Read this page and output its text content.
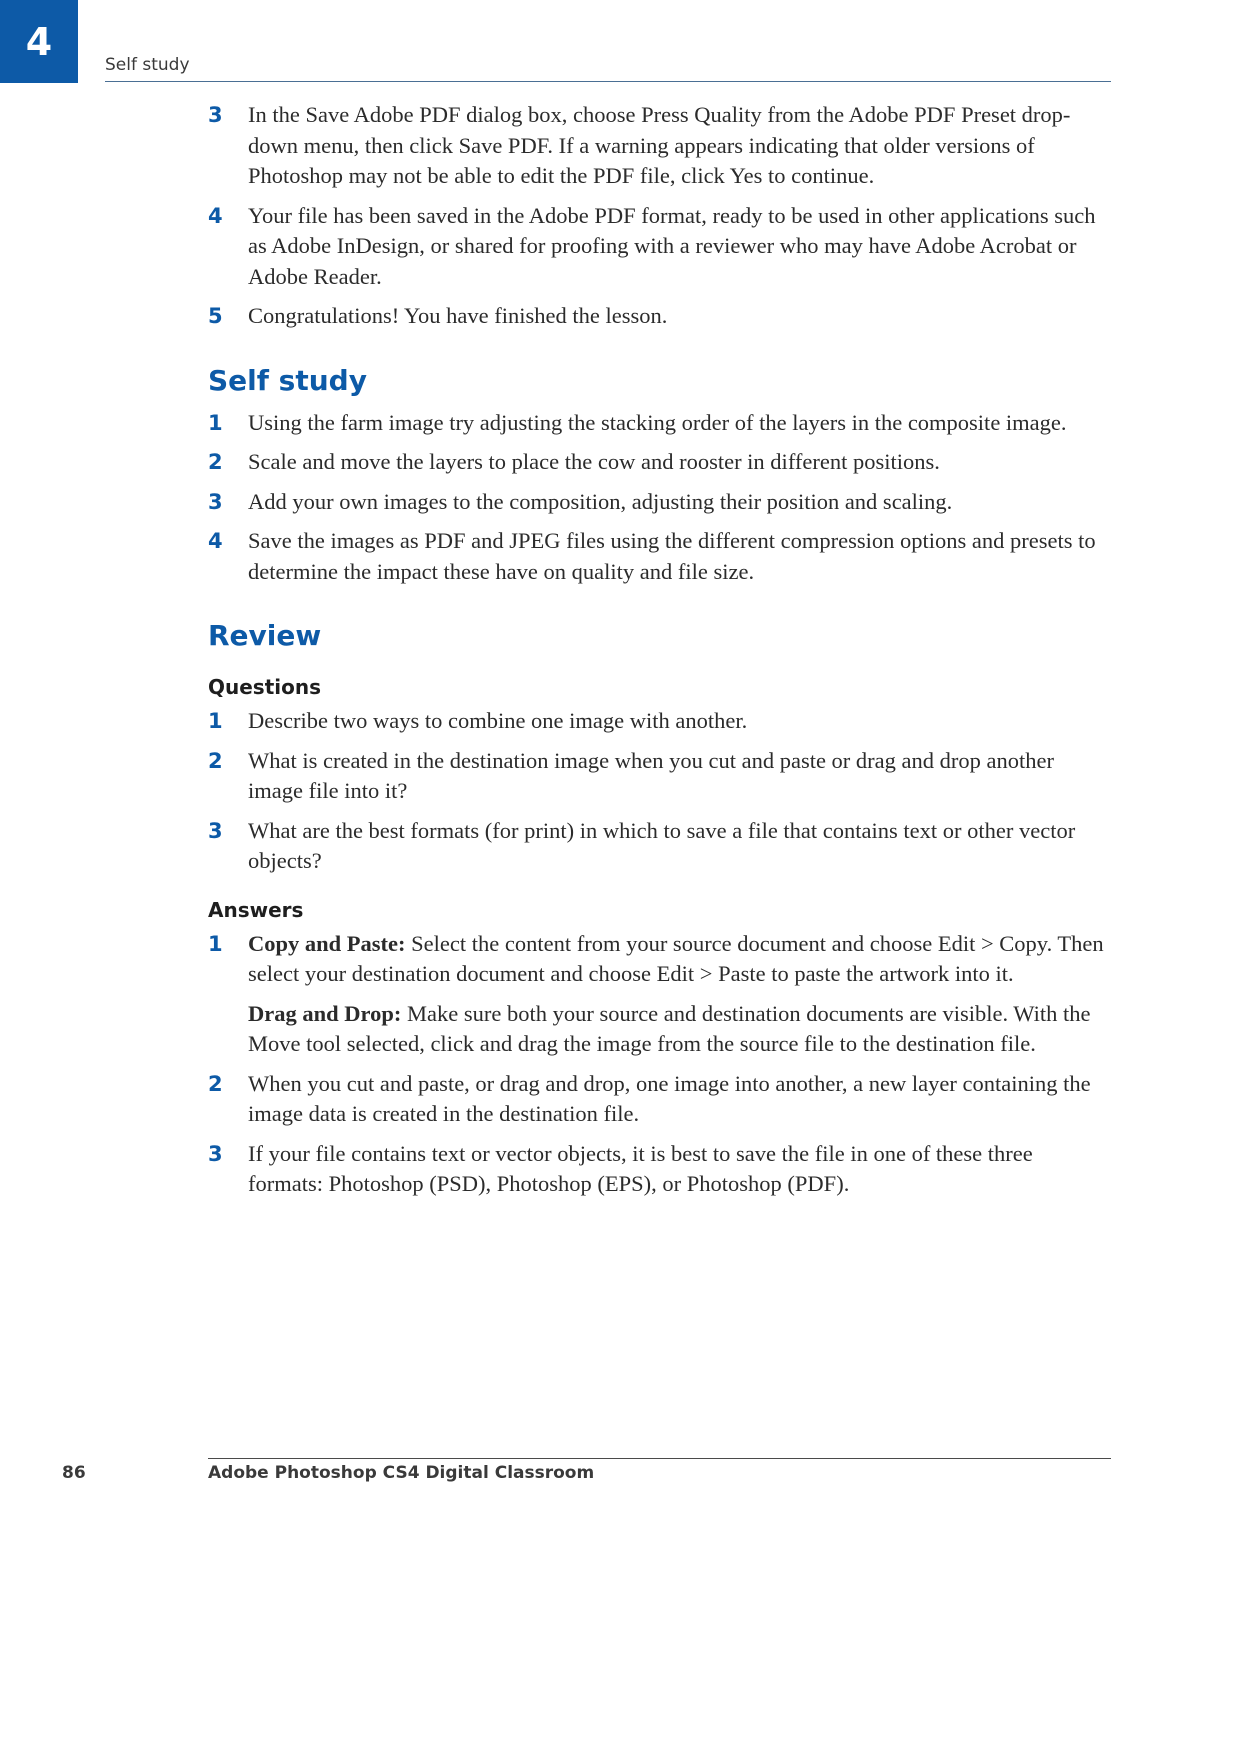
4
Self study
3	In the Save Adobe PDF dialog box, choose Press Quality from the Adobe PDF Preset drop-down menu, then click Save PDF. If a warning appears indicating that older versions of Photoshop may not be able to edit the PDF file, click Yes to continue.

4	Your file has been saved in the Adobe PDF format, ready to be used in other applications such as Adobe InDesign, or shared for proofing with a reviewer who may have Adobe Acrobat or Adobe Reader.

5	Congratulations! You have finished the lesson.

Self study
1	Using the farm image try adjusting the stacking order of the layers in the composite image.

2	Scale and move the layers to place the cow and rooster in different positions.

3	Add your own images to the composition, adjusting their position and scaling.

4	Save the images as PDF and JPEG files using the different compression options and presets to determine the impact these have on quality and file size.

Review
Questions
1	Describe two ways to combine one image with another.

2	What is created in the destination image when you cut and paste or drag and drop another image file into it?

3	What are the best formats (for print) in which to save a file that contains text or other vector objects?

Answers
1	Copy and Paste: Select the content from your source document and choose Edit > Copy. Then select your destination document and choose Edit > Paste to paste the artwork into it.

Drag and Drop: Make sure both your source and destination documents are visible. With the Move tool selected, click and drag the image from the source file to the destination file.

2	When you cut and paste, or drag and drop, one image into another, a new layer containing the image data is created in the destination file.

3	If your file contains text or vector objects, it is best to save the file in one of these three formats: Photoshop (PSD), Photoshop (EPS), or Photoshop (PDF).

86	Adobe Photoshop CS4 Digital Classroom
